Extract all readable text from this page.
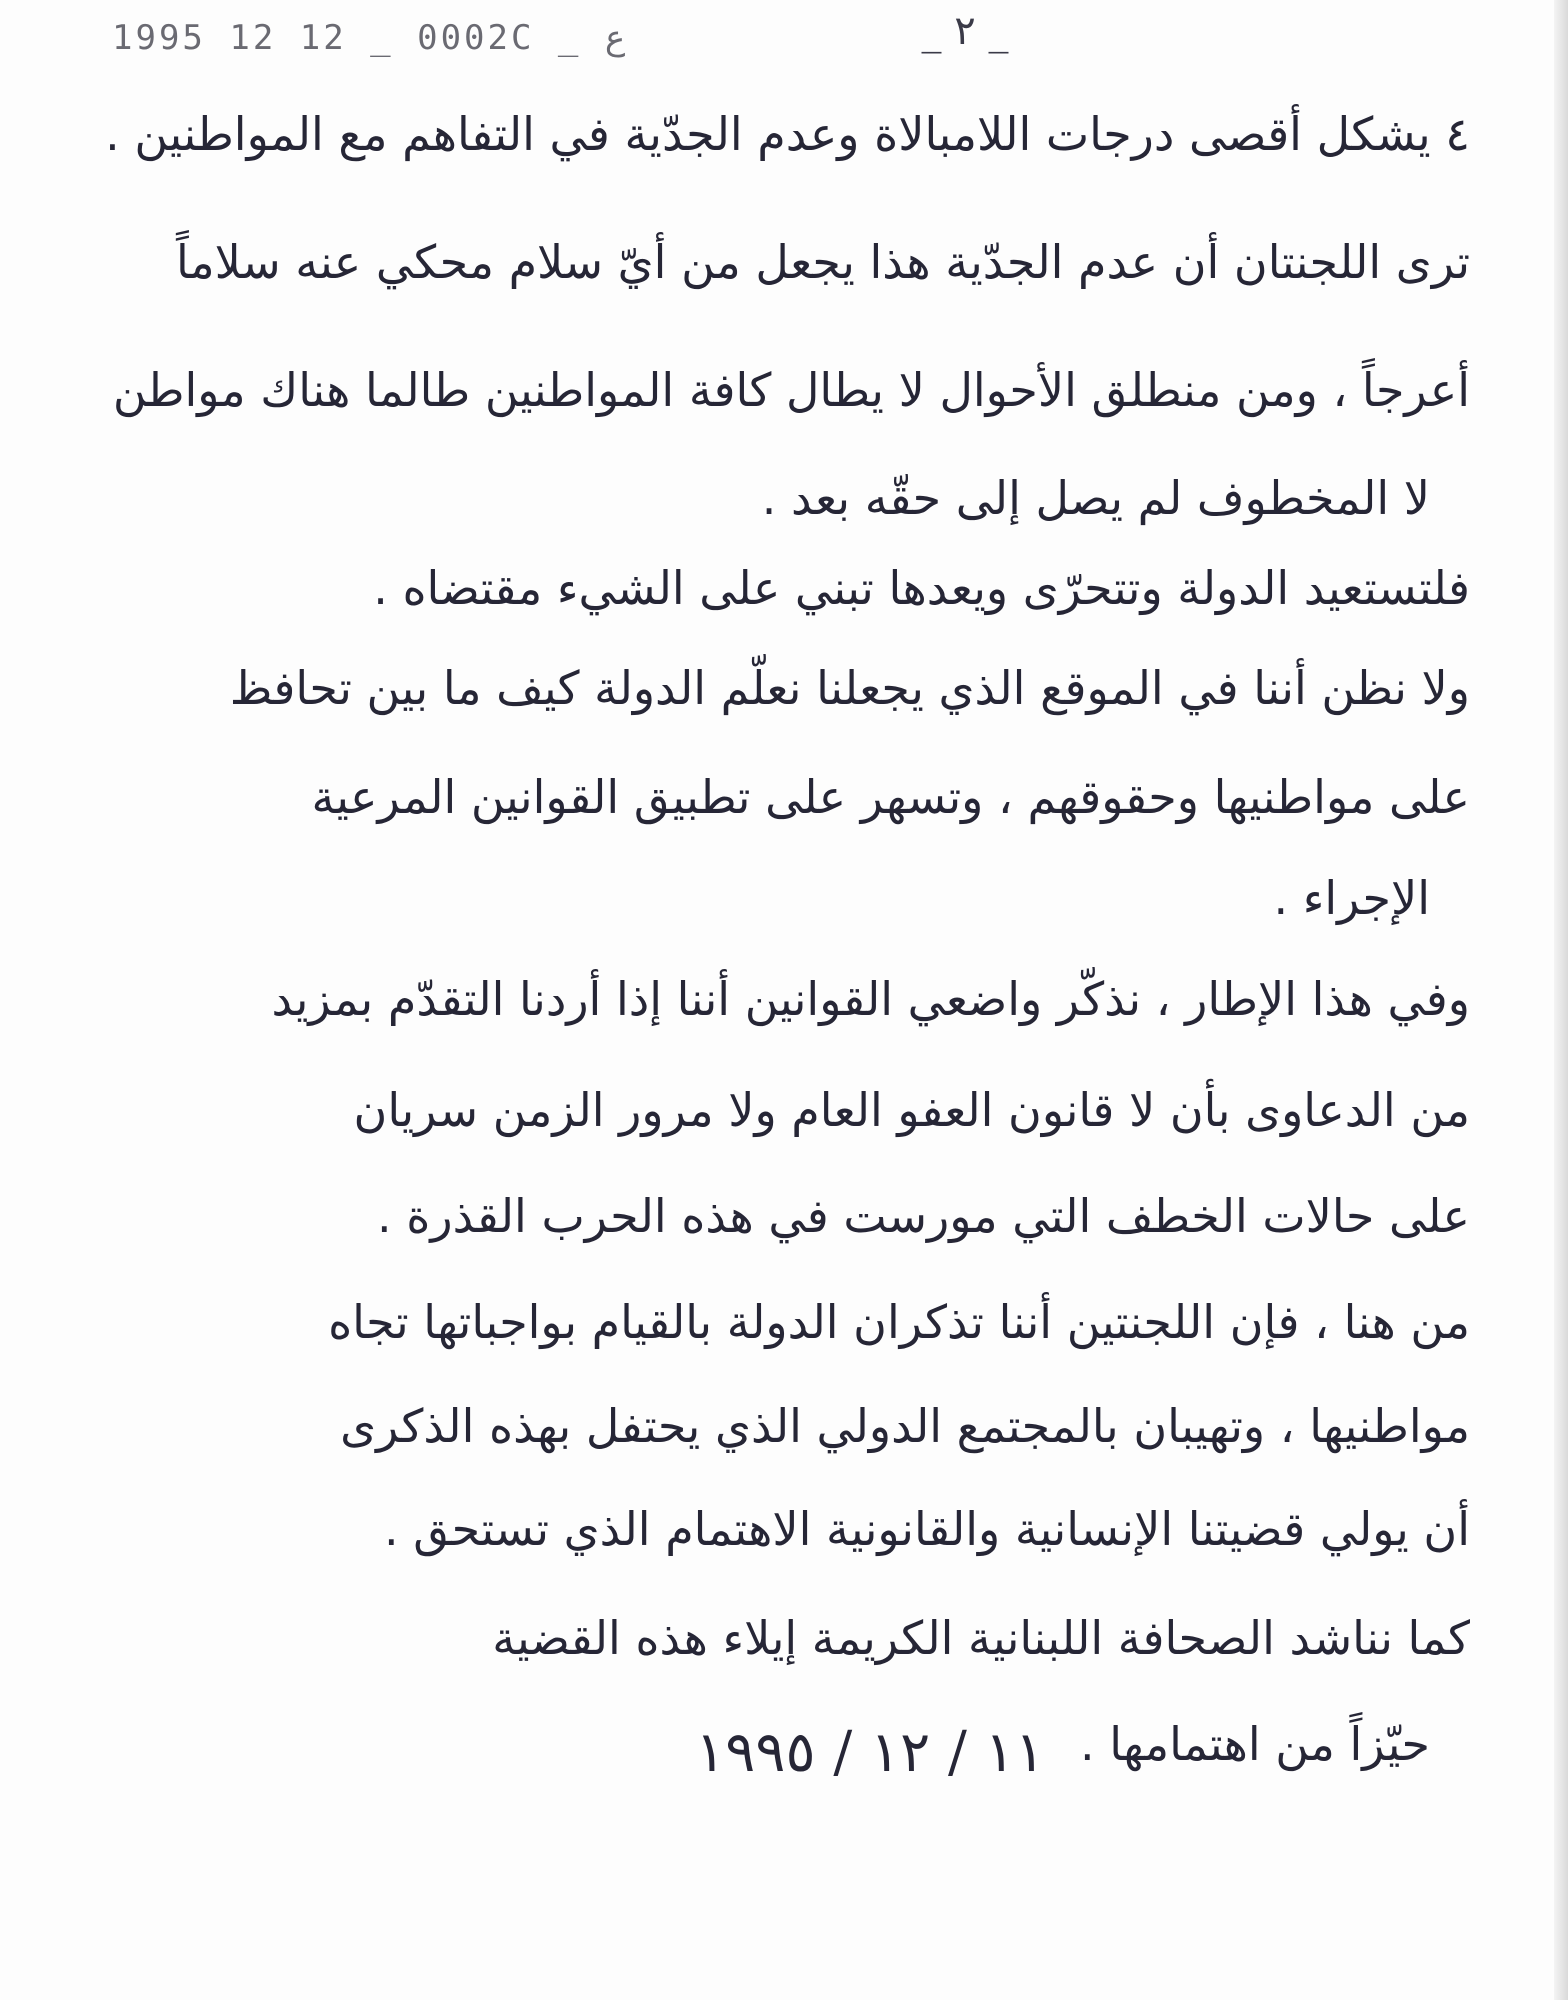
1995 12 12 _ 0002C _ ع	_ ٢ _
٤ يشكل أقصى درجات اللامبالاة وعدم الجدّية في التفاهم مع المواطنين .
ترى اللجنتان أن عدم الجدّية هذا يجعل من أيّ سلام محكي عنه سلاماً
أعرجاً ، ومن منطلق الأحوال لا يطال كافة المواطنين طالما هناك مواطن
لا المخطوف لم يصل إلى حقّه بعد .
فلتستعيد الدولة وتتحرّى ويعدها تبني على الشيء مقتضاه .
ولا نظن أننا في الموقع الذي يجعلنا نعلّم الدولة كيف ما بين تحافظ
على مواطنيها وحقوقهم ، وتسهر على تطبيق القوانين المرعية
الإجراء .
وفي هذا الإطار ، نذكّر واضعي القوانين أننا إذا أردنا التقدّم بمزيد
من الدعاوى بأن لا قانون العفو العام ولا مرور الزمن سريان
على حالات الخطف التي مورست في هذه الحرب القذرة .
من هنا ، فإن اللجنتين أننا تذكران الدولة بالقيام بواجباتها تجاه
مواطنيها ، وتهيبان بالمجتمع الدولي الذي يحتفل بهذه الذكرى
أن يولي قضيتنا الإنسانية والقانونية الاهتمام الذي تستحق .
كما نناشد الصحافة اللبنانية الكريمة إيلاء هذه القضية
حيّزاً من اهتمامها .
١١ / ١٢ / ١٩٩٥
